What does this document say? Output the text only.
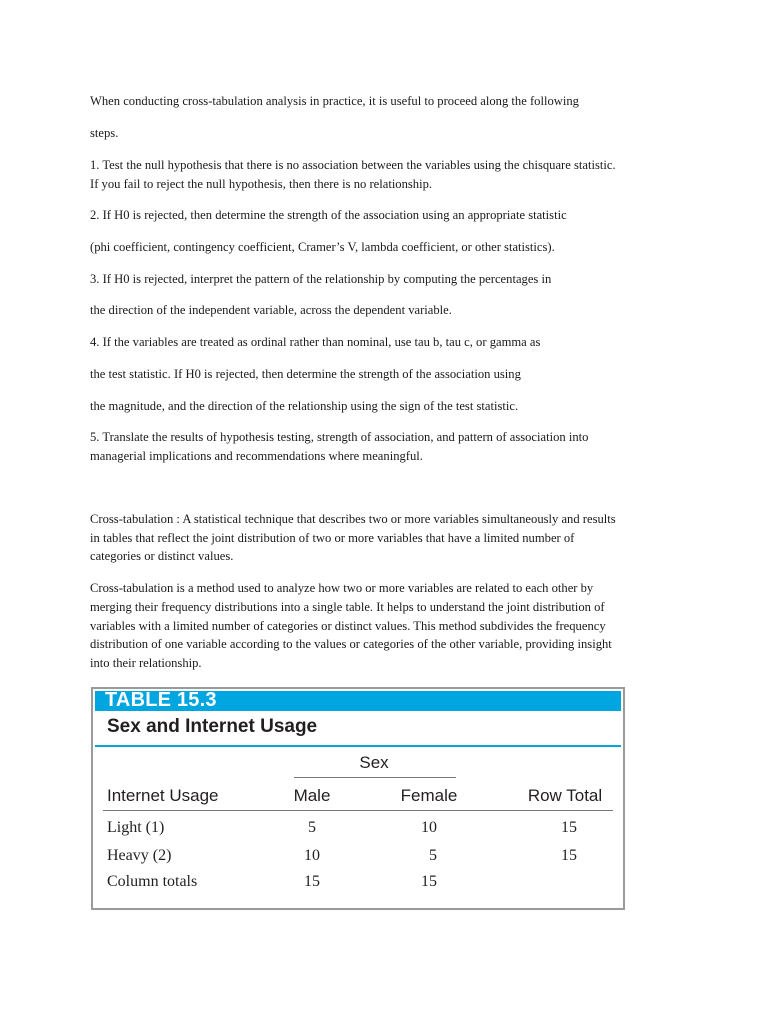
When conducting cross-tabulation analysis in practice, it is useful to proceed along the following

steps.

1. Test the null hypothesis that there is no association between the variables using the chisquare statistic.

If you fail to reject the null hypothesis, then there is no relationship.

2. If H0 is rejected, then determine the strength of the association using an appropriate statistic

(phi coefficient, contingency coefficient, Cramer’s V, lambda coefficient, or other statistics).

3. If H0 is rejected, interpret the pattern of the relationship by computing the percentages in

the direction of the independent variable, across the dependent variable.

4. If the variables are treated as ordinal rather than nominal, use tau b, tau c, or gamma as

the test statistic. If H0 is rejected, then determine the strength of the association using

the magnitude, and the direction of the relationship using the sign of the test statistic.

5. Translate the results of hypothesis testing, strength of association, and pattern of association into

managerial implications and recommendations where meaningful.

Cross-tabulation : A statistical technique that describes two or more variables simultaneously and results

in tables that reflect the joint distribution of two or more variables that have a limited number of

categories or distinct values.

Cross-tabulation is a method used to analyze how two or more variables are related to each other by

merging their frequency distributions into a single table. It helps to understand the joint distribution of

variables with a limited number of categories or distinct values. This method subdivides the frequency

distribution of one variable according to the values or categories of the other variable, providing insight

into their relationship.

TABLE 15.3
Sex and Internet Usage
Sex
Internet Usage	Male	Female	Row Total
Light (1)	5	10	15
Heavy (2)	10	5	15
Column totals	15	15
